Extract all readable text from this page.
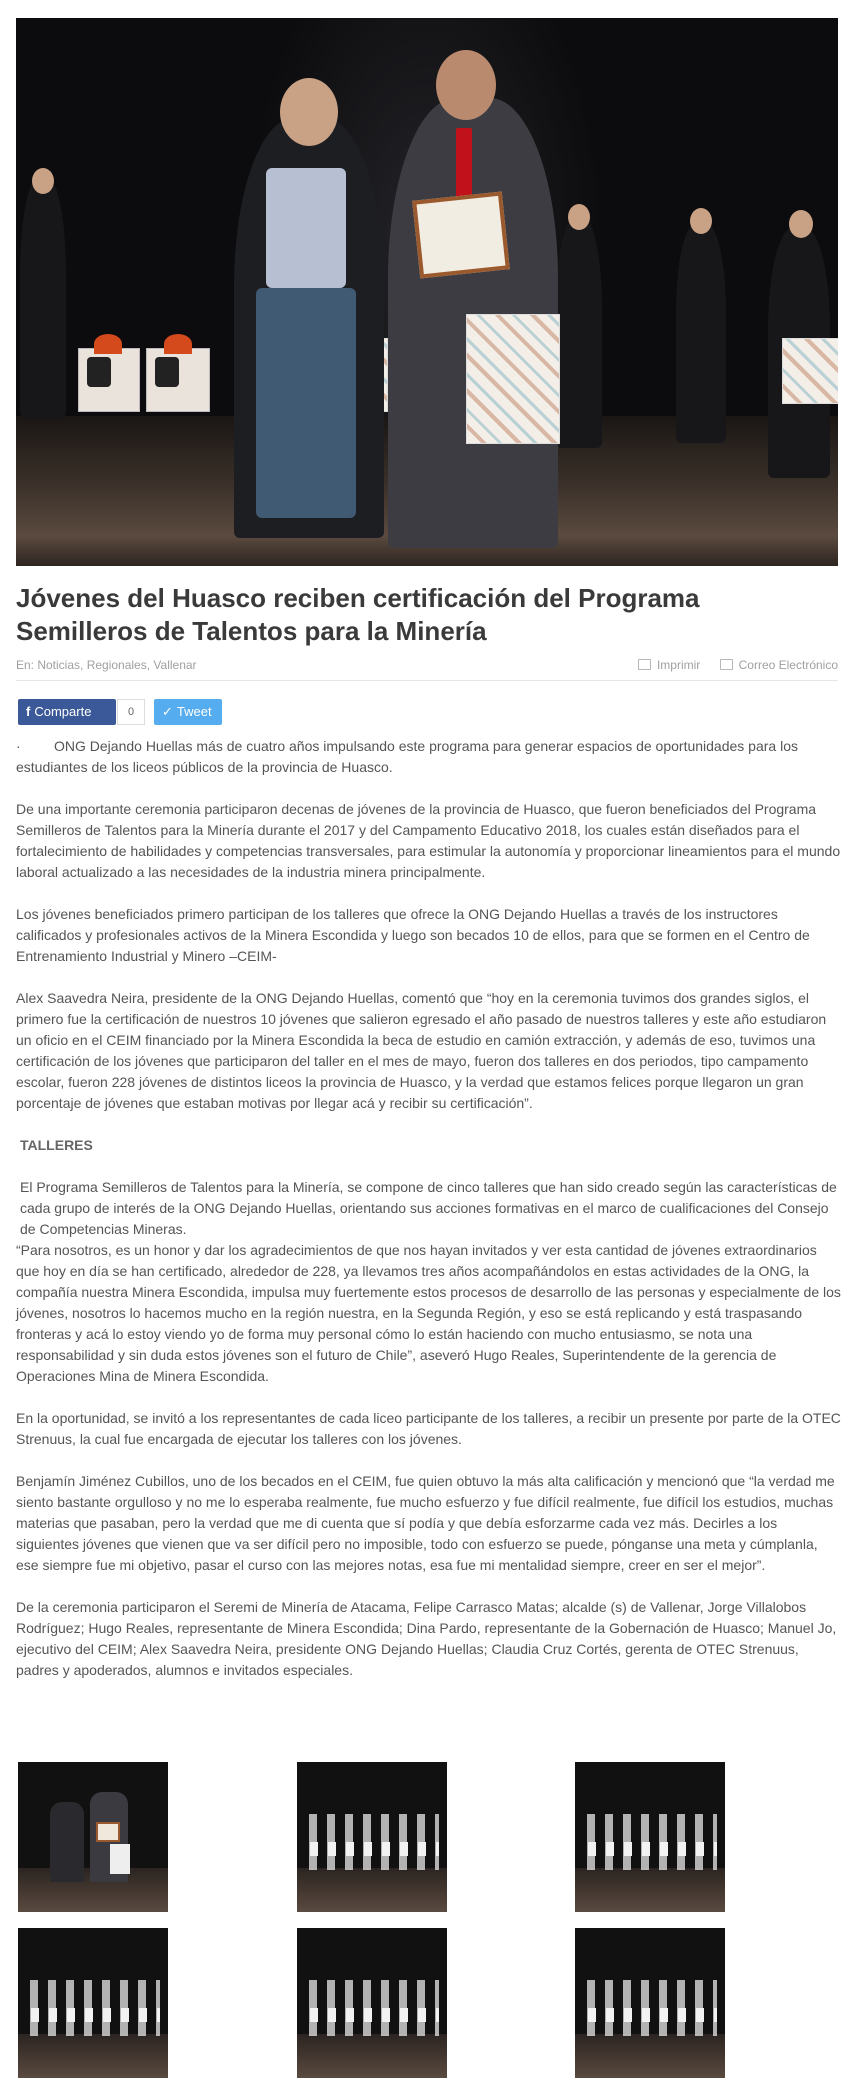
Jóvenes del Huasco reciben certificación del Programa Semilleros de Talentos para la Minería
En: Noticias, Regionales, Vallenar	Imprimir	Correo Electrónico
f Comparte	0	✓ Tweet

· ONG Dejando Huellas más de cuatro años impulsando este programa para generar espacios de oportunidades para los estudiantes de los liceos públicos de la provincia de Huasco.

De una importante ceremonia participaron decenas de jóvenes de la provincia de Huasco, que fueron beneficiados del Programa Semilleros de Talentos para la Minería durante el 2017 y del Campamento Educativo 2018, los cuales están diseñados para el fortalecimiento de habilidades y competencias transversales, para estimular la autonomía y proporcionar lineamientos para el mundo laboral actualizado a las necesidades de la industria minera principalmente.

Los jóvenes beneficiados primero participan de los talleres que ofrece la ONG Dejando Huellas a través de los instructores calificados y profesionales activos de la Minera Escondida y luego son becados 10 de ellos, para que se formen en el Centro de Entrenamiento Industrial y Minero –CEIM-

Alex Saavedra Neira, presidente de la ONG Dejando Huellas, comentó que “hoy en la ceremonia tuvimos dos grandes siglos, el primero fue la certificación de nuestros 10 jóvenes que salieron egresado el año pasado de nuestros talleres y este año estudiaron un oficio en el CEIM financiado por la Minera Escondida la beca de estudio en camión extracción, y además de eso, tuvimos una certificación de los jóvenes que participaron del taller en el mes de mayo, fueron dos talleres en dos periodos, tipo campamento escolar, fueron 228 jóvenes de distintos liceos la provincia de Huasco, y la verdad que estamos felices porque llegaron un gran porcentaje de jóvenes que estaban motivas por llegar acá y recibir su certificación”.

TALLERES

El Programa Semilleros de Talentos para la Minería, se compone de cinco talleres que han sido creado según las características de cada grupo de interés de la ONG Dejando Huellas, orientando sus acciones formativas en el marco de cualificaciones del Consejo de Competencias Mineras.

“Para nosotros, es un honor y dar los agradecimientos de que nos hayan invitados y ver esta cantidad de jóvenes extraordinarios que hoy en día se han certificado, alrededor de 228, ya llevamos tres años acompañándolos en estas actividades de la ONG, la compañía nuestra Minera Escondida, impulsa muy fuertemente estos procesos de desarrollo de las personas y especialmente de los jóvenes, nosotros lo hacemos mucho en la región nuestra, en la Segunda Región, y eso se está replicando y está traspasando fronteras y acá lo estoy viendo yo de forma muy personal cómo lo están haciendo con mucho entusiasmo, se nota una responsabilidad y sin duda estos jóvenes son el futuro de Chile”, aseveró Hugo Reales, Superintendente de la gerencia de Operaciones Mina de Minera Escondida.

En la oportunidad, se invitó a los representantes de cada liceo participante de los talleres, a recibir un presente por parte de la OTEC Strenuus, la cual fue encargada de ejecutar los talleres con los jóvenes.

Benjamín Jiménez Cubillos, uno de los becados en el CEIM, fue quien obtuvo la más alta calificación y mencionó que “la verdad me siento bastante orgulloso y no me lo esperaba realmente, fue mucho esfuerzo y fue difícil realmente, fue difícil los estudios, muchas materias que pasaban, pero la verdad que me di cuenta que sí podía y que debía esforzarme cada vez más. Decirles a los siguientes jóvenes que vienen que va ser difícil pero no imposible, todo con esfuerzo se puede, pónganse una meta y cúmplanla, ese siempre fue mi objetivo, pasar el curso con las mejores notas, esa fue mi mentalidad siempre, creer en ser el mejor”.

De la ceremonia participaron el Seremi de Minería de Atacama, Felipe Carrasco Matas; alcalde (s) de Vallenar, Jorge Villalobos Rodríguez; Hugo Reales, representante de Minera Escondida; Dina Pardo, representante de la Gobernación de Huasco; Manuel Jo, ejecutivo del CEIM; Alex Saavedra Neira, presidente ONG Dejando Huellas; Claudia Cruz Cortés, gerenta de OTEC Strenuus, padres y apoderados, alumnos e invitados especiales.
